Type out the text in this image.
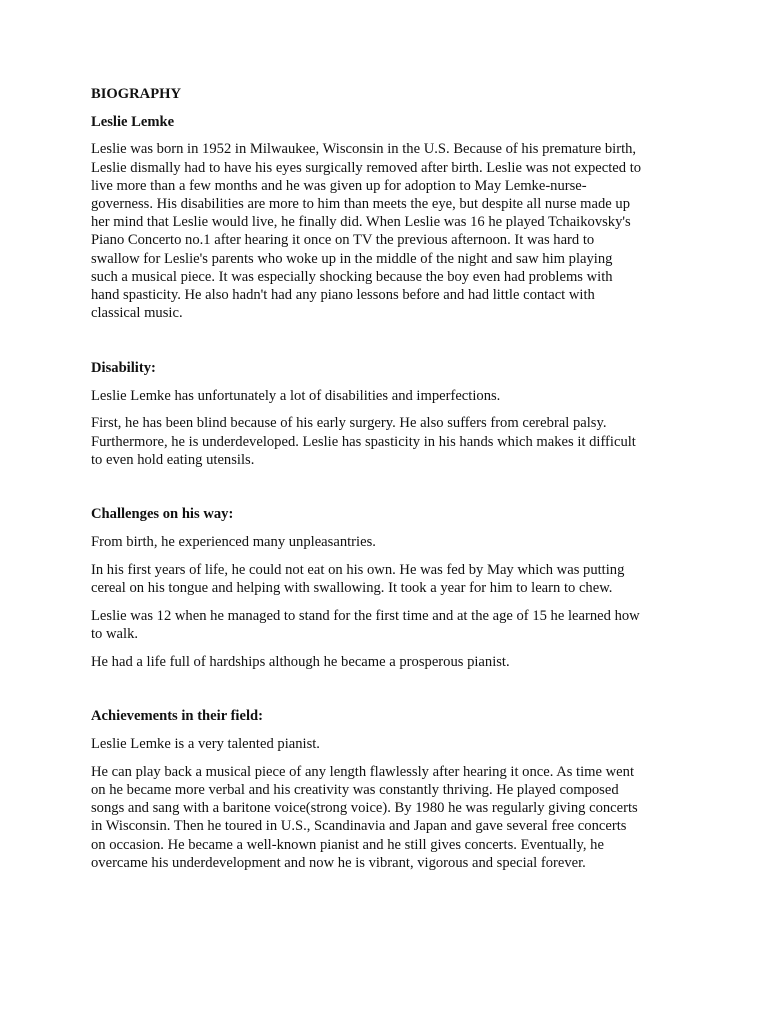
BIOGRAPHY

Leslie Lemke

Leslie was born in 1952 in Milwaukee, Wisconsin in the U.S. Because of his premature birth,
Leslie dismally had to have his eyes surgically removed after birth. Leslie was not expected to
live more than a few months and he was given up for adoption to May Lemke-nurse-
governess. His disabilities are more to him than meets the eye, but despite all nurse made up
her mind that Leslie would live, he finally did. When Leslie was 16 he played Tchaikovsky's
Piano Concerto no.1 after hearing it once on TV the previous afternoon. It was hard to
swallow for Leslie's parents who woke up in the middle of the night and saw him playing
such a musical piece. It was especially shocking because the boy even had problems with
hand spasticity. He also hadn't had any piano lessons before and had little contact with
classical music.

Disability:

Leslie Lemke has unfortunately a lot of disabilities and imperfections.

First, he has been blind because of his early surgery. He also suffers from cerebral palsy.
Furthermore, he is underdeveloped. Leslie has spasticity in his hands which makes it difficult
to even hold eating utensils.

Challenges on his way:

From birth, he experienced many unpleasantries.

In his first years of life, he could not eat on his own. He was fed by May which was putting
cereal on his tongue and helping with swallowing. It took a year for him to learn to chew.

Leslie was 12 when he managed to stand for the first time and at the age of 15 he learned how
to walk.

He had a life full of hardships although he became a prosperous pianist.

Achievements in their field:

Leslie Lemke is a very talented pianist.

He can play back a musical piece of any length flawlessly after hearing it once. As time went
on he became more verbal and his creativity was constantly thriving. He played composed
songs and sang with a baritone voice(strong voice). By 1980 he was regularly giving concerts
in Wisconsin. Then he toured in U.S., Scandinavia and Japan and gave several free concerts
on occasion. He became a well-known pianist and he still gives concerts. Eventually, he
overcame his underdevelopment and now he is vibrant, vigorous and special forever.
